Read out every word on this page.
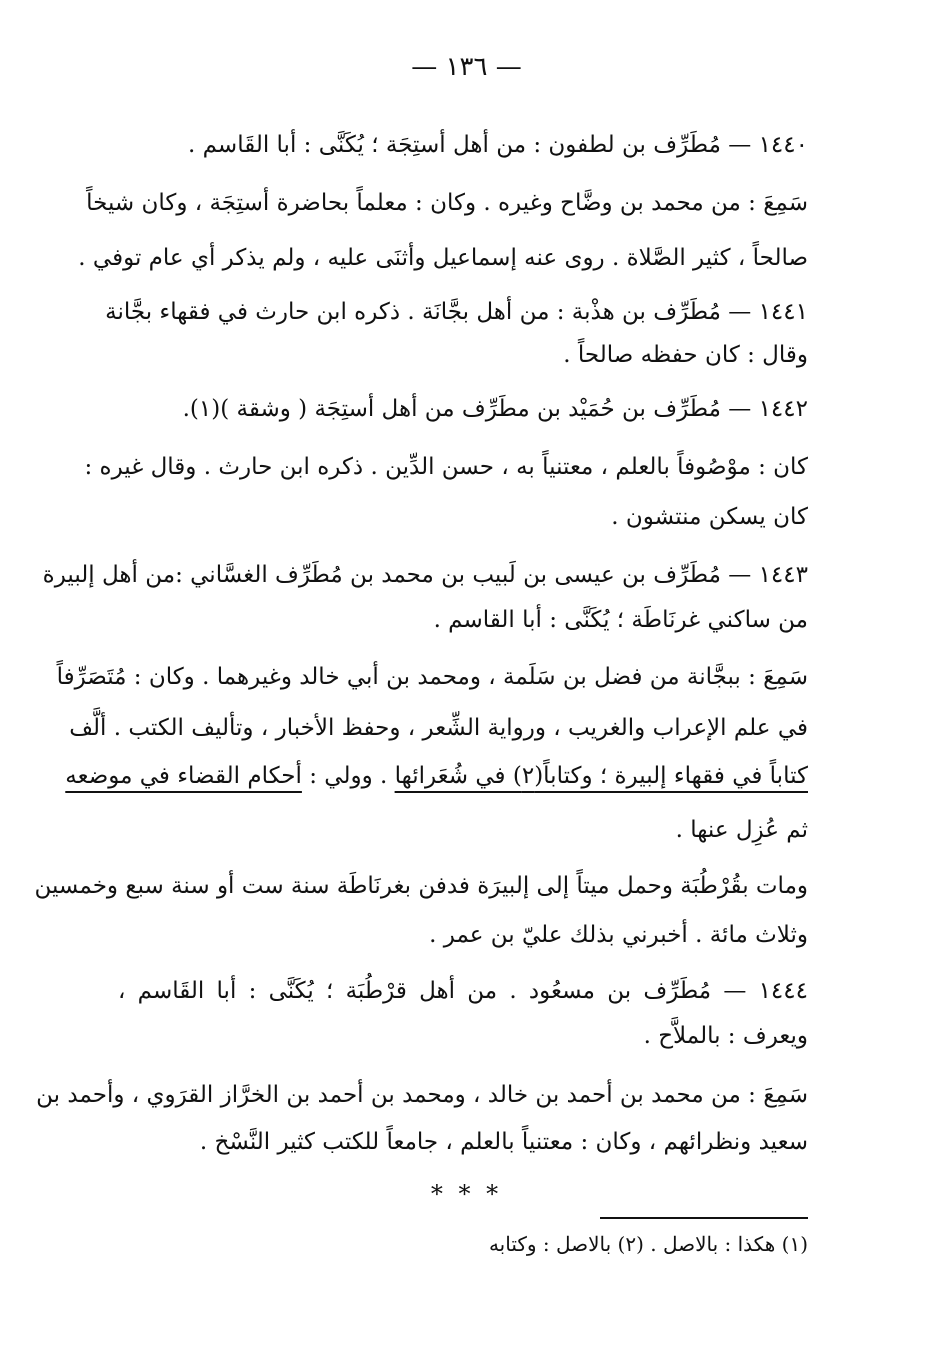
— ١٣٦ —
١٤٤٠ — مُطَرِّف بن لطفون : من أهل أستِجَة ؛ يُكَنَّى : أبا القَاسم .
سَمِعَ : من محمد بن وضَّاح وغيره . وكان : معلماً بحاضرة أستِجَة ، وكان شيخاً
صالحاً ، كثير الصَّلاة . روى عنه إسماعيل وأثنَى عليه ، ولم يذكر أي عام توفي .
١٤٤١ — مُطَرِّف بن هذْبة : من أهل بجَّانَة . ذكره ابن حارث في فقهاء بجَّانة
وقال : كان حفظه صالحاً .
١٤٤٢ — مُطَرِّف بن حُمَيْد بن مطَرِّف من أهل أستِجَة ( وشقة )(١).
كان : موْصُوفاً بالعلم ، معتنياً به ، حسن الدِّين . ذكره ابن حارث . وقال غيره :
كان يسكن منتشون .
١٤٤٣ — مُطَرِّف بن عيسى بن لَبيب بن محمد بن مُطَرِّف الغسَّاني :من أهل إلبيرة
من ساكني غرنَاطَة ؛ يُكَنَّى : أبا القاسم .
سَمِعَ : ببجَّانة من فضل بن سَلَمة ، ومحمد بن أبي خالد وغيرهما . وكان : مُتَصَرِّفاً
في علم الإعراب والغريب ، ورواية الشِّعر ، وحفظ الأخبار ، وتأليف الكتب . ألَّف
كتاباً في فقهاء إلبيرة ؛ وكتاباً(٢) في شُعَرائها . وولي : أحكام القضاء في موضعه
ثم عُزِل عنها .
ومات بقُرْطُبَة وحمل ميتاً إلى إلبيرَة فدفن بغرنَاطَة سنة ست أو سنة سبع وخمسين
وثلاث مائة . أخبرني بذلك عليّ بن عمر .
١٤٤٤ — مُطَرِّف بن مسعُود . من أهل قرْطُبَة ؛ يُكَنَّى : أبا القَاسم ،
ويعرف : بالملاَّح .
سَمِعَ : من محمد بن أحمد بن خالد ، ومحمد بن أحمد بن الخرَّاز القرَوي ، وأحمد بن
سعيد ونظرائهم ، وكان : معتنياً بالعلم ، جامعاً للكتب كثير النَّسْخ .
* * *
(١) هكذا : بالاصل . (٢) بالاصل : وكتابه
